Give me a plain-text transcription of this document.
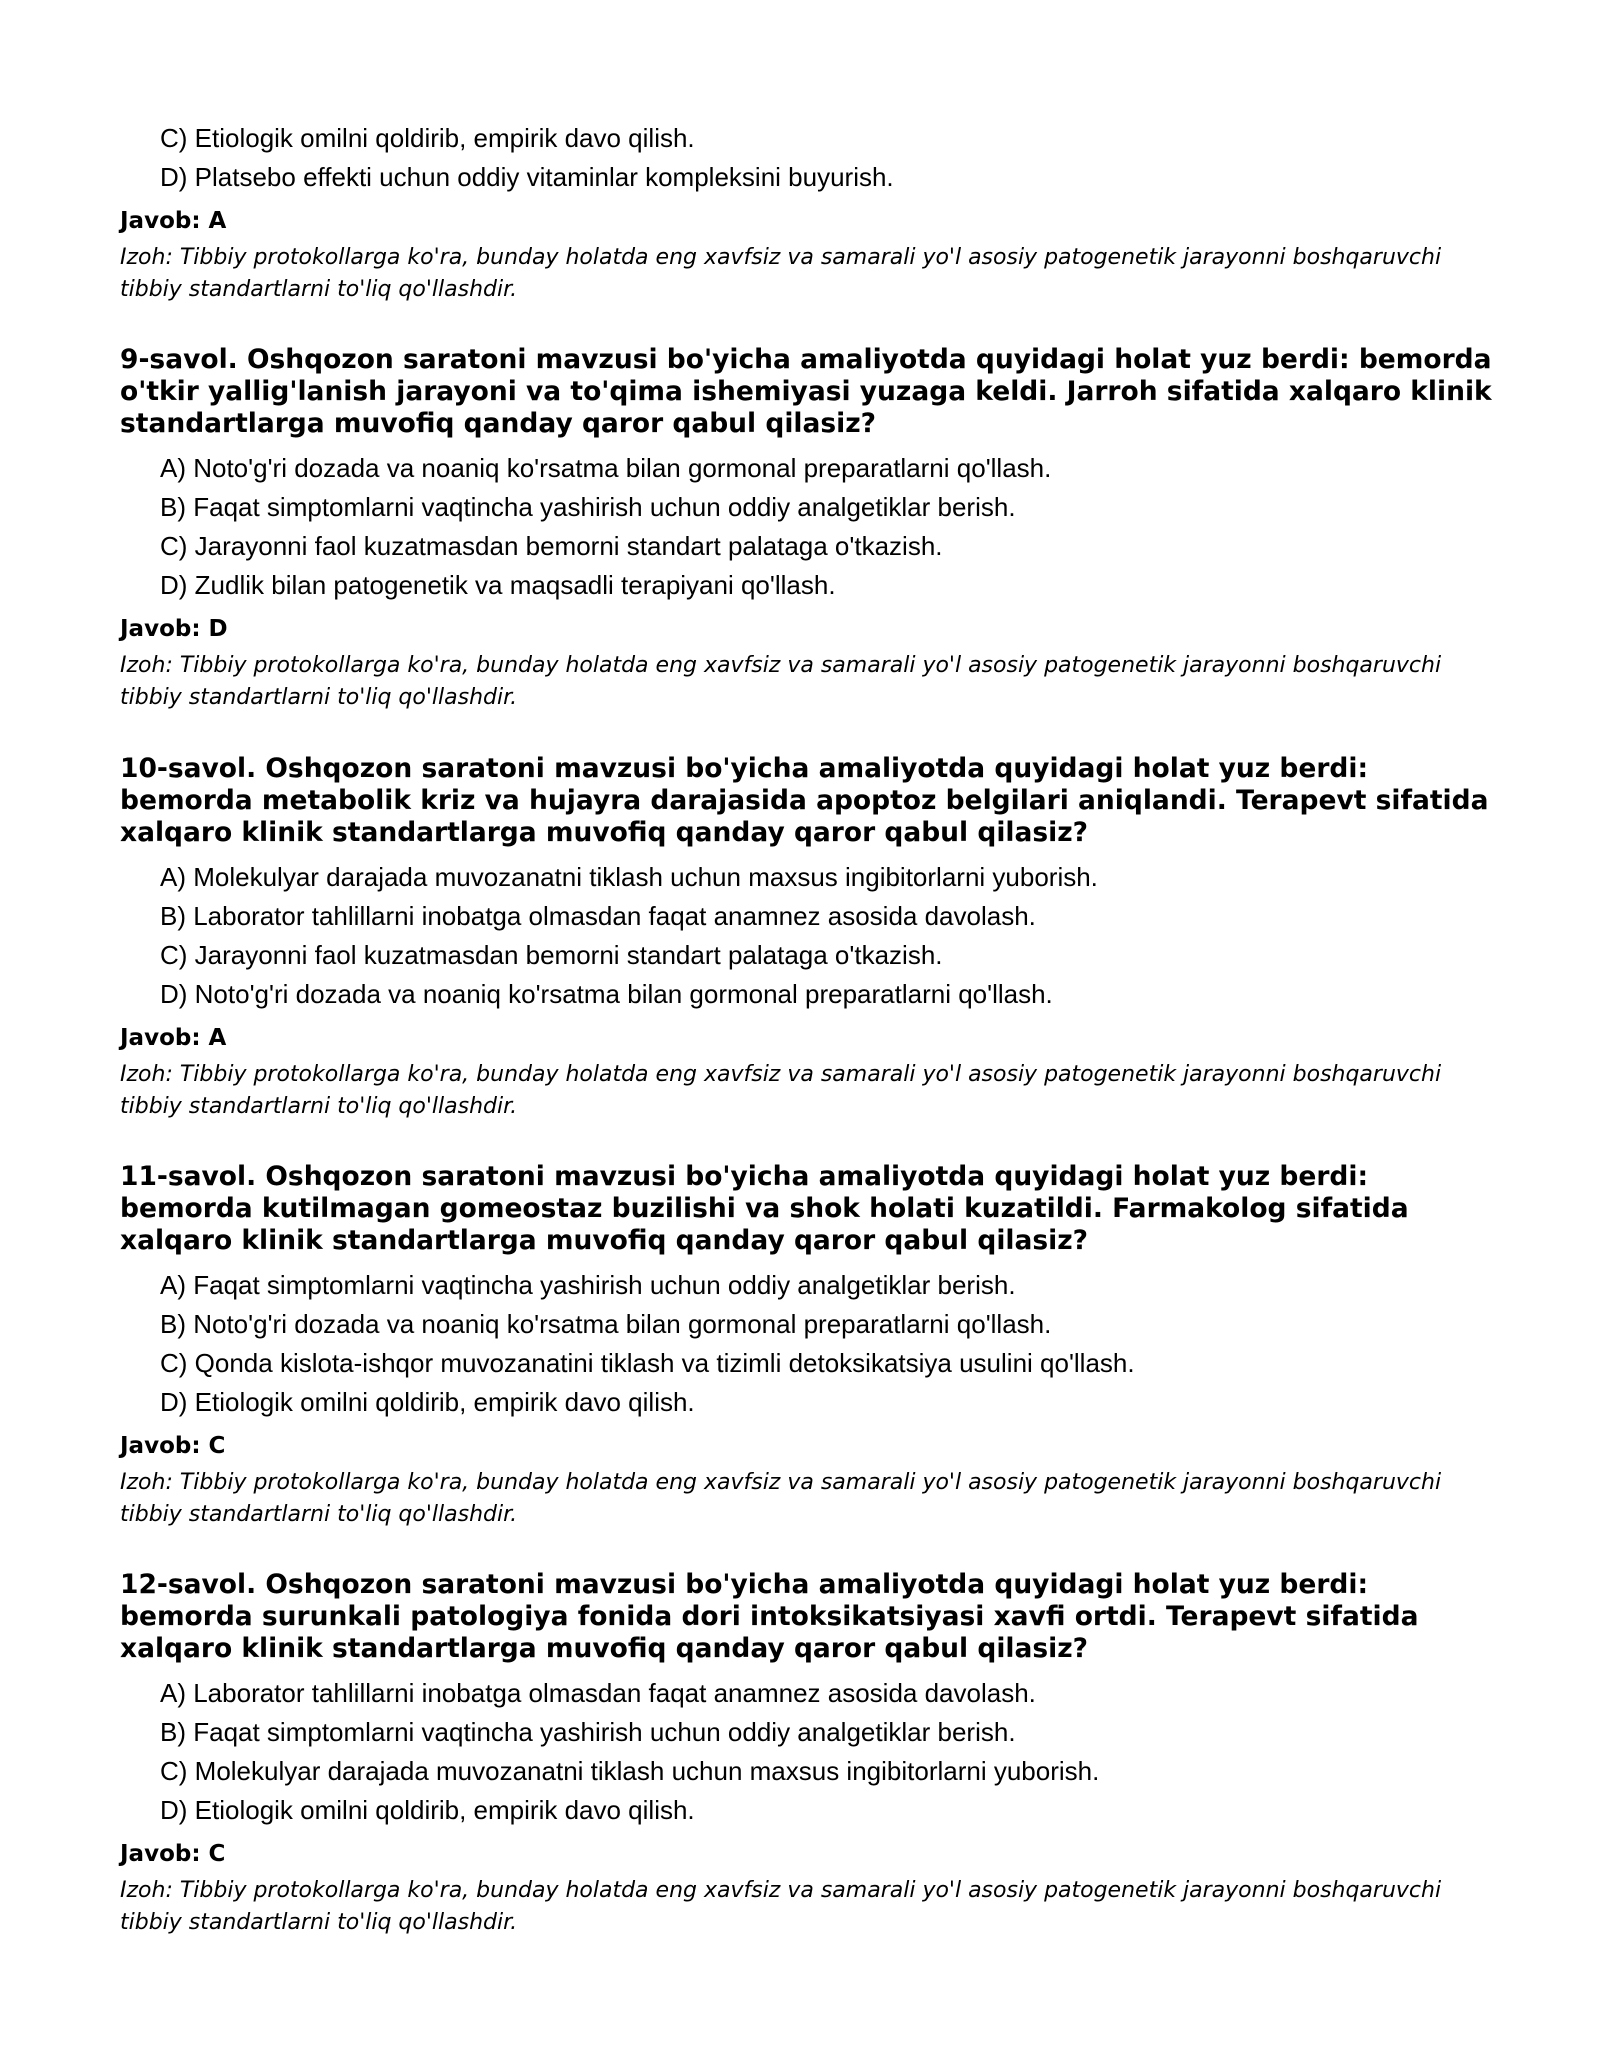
C) Etiologik omilni qoldirib, empirik davo qilish.
D) Platsebo effekti uchun oddiy vitaminlar kompleksini buyurish.
Javob: A
Izoh: Tibbiy protokollarga ko'ra, bunday holatda eng xavfsiz va samarali yo'l asosiy patogenetik jarayonni boshqaruvchi tibbiy standartlarni to'liq qo'llashdir.
9-savol. Oshqozon saratoni mavzusi bo'yicha amaliyotda quyidagi holat yuz berdi: bemorda o'tkir yallig'lanish jarayoni va to'qima ishemiyasi yuzaga keldi. Jarroh sifatida xalqaro klinik standartlarga muvofiq qanday qaror qabul qilasiz?
A) Noto'g'ri dozada va noaniq ko'rsatma bilan gormonal preparatlarni qo'llash.
B) Faqat simptomlarni vaqtincha yashirish uchun oddiy analgetiklar berish.
C) Jarayonni faol kuzatmasdan bemorni standart palataga o'tkazish.
D) Zudlik bilan patogenetik va maqsadli terapiyani qo'llash.
Javob: D
Izoh: Tibbiy protokollarga ko'ra, bunday holatda eng xavfsiz va samarali yo'l asosiy patogenetik jarayonni boshqaruvchi tibbiy standartlarni to'liq qo'llashdir.
10-savol. Oshqozon saratoni mavzusi bo'yicha amaliyotda quyidagi holat yuz berdi: bemorda metabolik kriz va hujayra darajasida apoptoz belgilari aniqlandi. Terapevt sifatida xalqaro klinik standartlarga muvofiq qanday qaror qabul qilasiz?
A) Molekulyar darajada muvozanatni tiklash uchun maxsus ingibitorlarni yuborish.
B) Laborator tahlillarni inobatga olmasdan faqat anamnez asosida davolash.
C) Jarayonni faol kuzatmasdan bemorni standart palataga o'tkazish.
D) Noto'g'ri dozada va noaniq ko'rsatma bilan gormonal preparatlarni qo'llash.
Javob: A
Izoh: Tibbiy protokollarga ko'ra, bunday holatda eng xavfsiz va samarali yo'l asosiy patogenetik jarayonni boshqaruvchi tibbiy standartlarni to'liq qo'llashdir.
11-savol. Oshqozon saratoni mavzusi bo'yicha amaliyotda quyidagi holat yuz berdi: bemorda kutilmagan gomeostaz buzilishi va shok holati kuzatildi. Farmakolog sifatida xalqaro klinik standartlarga muvofiq qanday qaror qabul qilasiz?
A) Faqat simptomlarni vaqtincha yashirish uchun oddiy analgetiklar berish.
B) Noto'g'ri dozada va noaniq ko'rsatma bilan gormonal preparatlarni qo'llash.
C) Qonda kislota-ishqor muvozanatini tiklash va tizimli detoksikatsiya usulini qo'llash.
D) Etiologik omilni qoldirib, empirik davo qilish.
Javob: C
Izoh: Tibbiy protokollarga ko'ra, bunday holatda eng xavfsiz va samarali yo'l asosiy patogenetik jarayonni boshqaruvchi tibbiy standartlarni to'liq qo'llashdir.
12-savol. Oshqozon saratoni mavzusi bo'yicha amaliyotda quyidagi holat yuz berdi: bemorda surunkali patologiya fonida dori intoksikatsiyasi xavfi ortdi. Terapevt sifatida xalqaro klinik standartlarga muvofiq qanday qaror qabul qilasiz?
A) Laborator tahlillarni inobatga olmasdan faqat anamnez asosida davolash.
B) Faqat simptomlarni vaqtincha yashirish uchun oddiy analgetiklar berish.
C) Molekulyar darajada muvozanatni tiklash uchun maxsus ingibitorlarni yuborish.
D) Etiologik omilni qoldirib, empirik davo qilish.
Javob: C
Izoh: Tibbiy protokollarga ko'ra, bunday holatda eng xavfsiz va samarali yo'l asosiy patogenetik jarayonni boshqaruvchi tibbiy standartlarni to'liq qo'llashdir.
